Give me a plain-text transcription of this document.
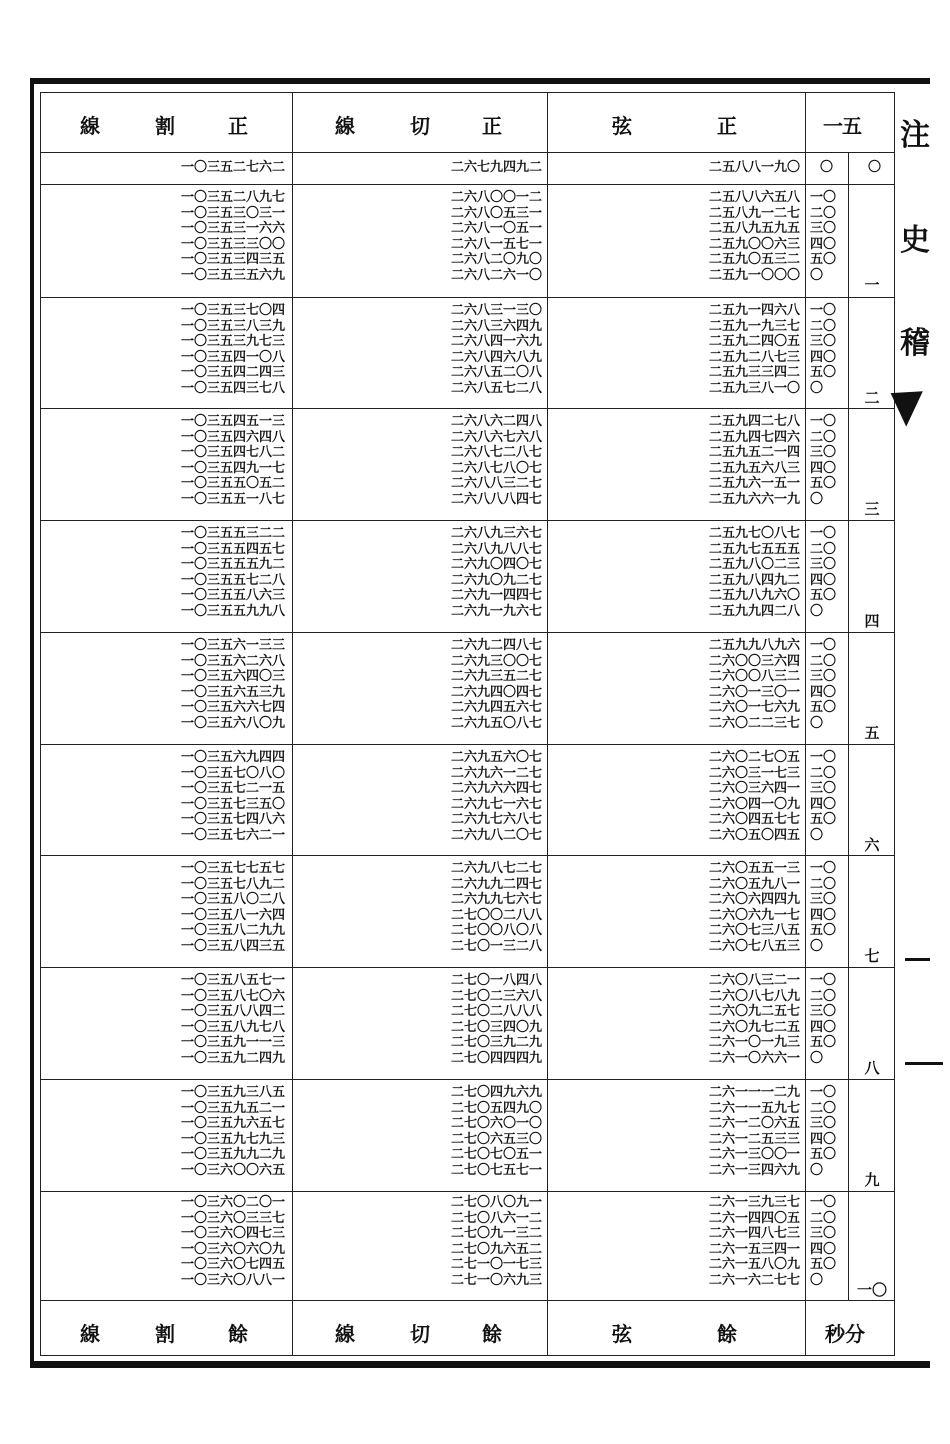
線	割	正	線	切	正	弦	正	一五
一〇三五二七六二	二六七九四九二	二五八八一九〇 〇	〇
一〇三五二八九七	二六八〇〇一二	二五八八六五八 一〇
一〇三五三〇三一	二六八〇五三一	二五八九一二七 二〇
一〇三五三一六六	二六八一〇五一	二五八九五九五 三〇
一〇三五三三〇〇	二六八一五七一	二五九〇〇六三 四〇
一〇三五三四三五	二六八二〇九〇	二五九〇五三二 五〇
一〇三五三五六九	二六八二六一〇	二五九一〇〇〇 〇
一
一〇三五三七〇四	二六八三一三〇	二五九一四六八 一〇
一〇三五三八三九	二六八三六四九	二五九一九三七 二〇
一〇三五三九七三	二六八四一六九	二五九二四〇五 三〇
一〇三五四一〇八	二六八四六八九	二五九二八七三 四〇
一〇三五四二四三	二六八五二〇八	二五九三三四二 五〇
一〇三五四三七八	二六八五七二八	二五九三八一〇 〇
二
一〇三五四五一三	二六八六二四八	二五九四二七八 一〇
一〇三五四六四八	二六八六七六八	二五九四七四六 二〇
一〇三五四七八二	二六八七二八七	二五九五二一四 三〇
一〇三五四九一七	二六八七八〇七	二五九五六八三 四〇
一〇三五五〇五二	二六八八三二七	二五九六一五一 五〇
一〇三五五一八七	二六八八八四七	二五九六六一九 〇
三
一〇三五五三二二	二六八九三六七	二五九七〇八七 一〇
一〇三五五四五七	二六八九八八七	二五九七五五五 二〇
一〇三五五五九二	二六九〇四〇七	二五九八〇二三 三〇
一〇三五五七二八	二六九〇九二七	二五九八四九二 四〇
一〇三五五八六三	二六九一四四七	二五九八九六〇 五〇
一〇三五五九九八	二六九一九六七	二五九九四二八 〇
四
一〇三五六一三三	二六九二四八七	二五九九八九六 一〇
一〇三五六二六八	二六九三〇〇七	二六〇〇三六四 二〇
一〇三五六四〇三	二六九三五二七	二六〇〇八三二 三〇
一〇三五六五三九	二六九四〇四七	二六〇一三〇一 四〇
一〇三五六六七四	二六九四五六七	二六〇一七六九 五〇
一〇三五六八〇九	二六九五〇八七	二六〇二二三七 〇
五
一〇三五六九四四	二六九五六〇七	二六〇二七〇五 一〇
一〇三五七〇八〇	二六九六一二七	二六〇三一七三 二〇
一〇三五七二一五	二六九六六四七	二六〇三六四一 三〇
一〇三五七三五〇	二六九七一六七	二六〇四一〇九 四〇
一〇三五七四八六	二六九七六八七	二六〇四五七七 五〇
一〇三五七六二一	二六九八二〇七	二六〇五〇四五 〇
六
一〇三五七七五七	二六九八七二七	二六〇五五一三 一〇
一〇三五七八九二	二六九九二四七	二六〇五九八一 二〇
一〇三五八〇二八	二六九九七六七	二六〇六四四九 三〇
一〇三五八一六四	二七〇〇二八八	二六〇六九一七 四〇
一〇三五八二九九	二七〇〇八〇八	二六〇七三八五 五〇
一〇三五八四三五	二七〇一三二八	二六〇七八五三 〇
七
一〇三五八五七一	二七〇一八四八	二六〇八三二一 一〇
一〇三五八七〇六	二七〇二三六八	二六〇八七八九 二〇
一〇三五八八四二	二七〇二八八八	二六〇九二五七 三〇
一〇三五八九七八	二七〇三四〇九	二六〇九七二五 四〇
一〇三五九一一三	二七〇三九二九	二六一〇一九三 五〇
一〇三五九二四九	二七〇四四四九	二六一〇六六一 〇
八
一〇三五九三八五	二七〇四九六九	二六一一一二九 一〇
一〇三五九五二一	二七〇五四九〇	二六一一五九七 二〇
一〇三五九六五七	二七〇六〇一〇	二六一二〇六五 三〇
一〇三五九七九三	二七〇六五三〇	二六一二五三三 四〇
一〇三五九九二九	二七〇七〇五一	二六一三〇〇一 五〇
一〇三六〇〇六五	二七〇七五七一	二六一三四六九 〇
九
一〇三六〇二〇一	二七〇八〇九一	二六一三九三七 一〇
一〇三六〇三三七	二七〇八六一二	二六一四四〇五 二〇
一〇三六〇四七三	二七〇九一三二	二六一四八七三 三〇
一〇三六〇六〇九	二七〇九六五二	二六一五三四一 四〇
一〇三六〇七四五	二七一〇一七三	二六一五八〇九 五〇
一〇三六〇八八一	二七一〇六九三	二六一六二七七 〇
一〇
線	割	餘	線	切	餘	弦	餘	秒分
注
史
稽
